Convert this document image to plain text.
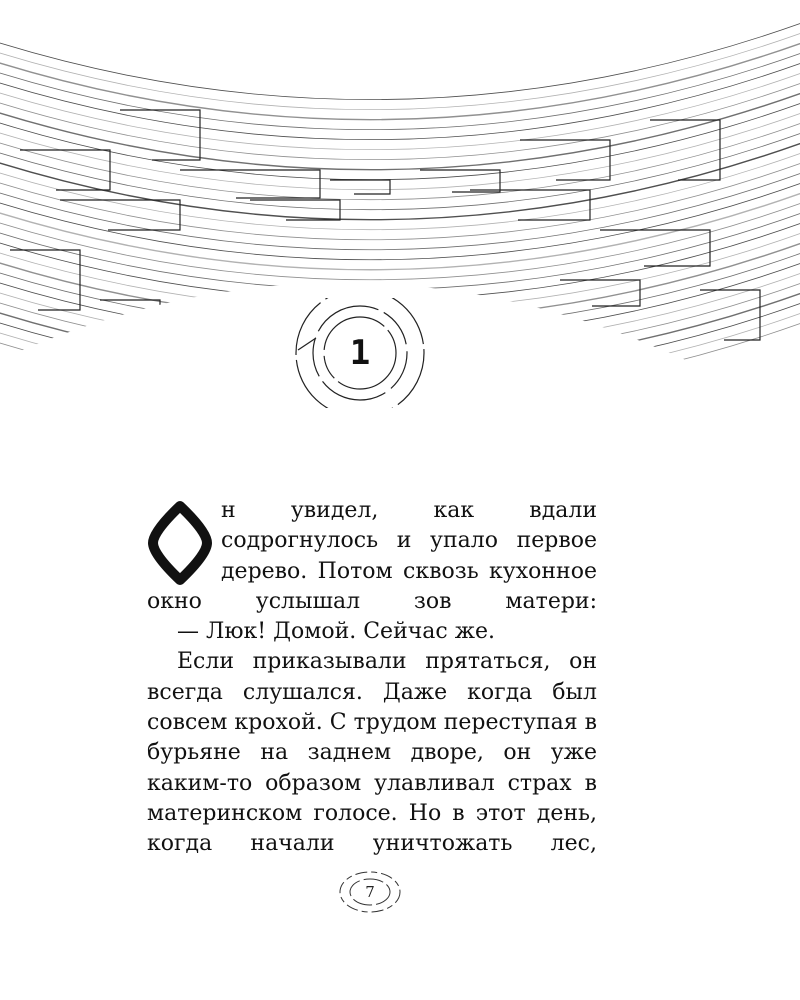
1

н увидел, как вдали содрогнулось и упало первое дерево. Потом сквозь кухонное окно услышал зов матери:

— Люк! Домой. Сейчас же.

Если приказывали прятаться, он всегда слушался. Даже когда был совсем крохой. С трудом переступая в бурьяне на заднем дворе, он уже каким-то образом улавливал страх в материнском голосе. Но в этот день, когда начали уничтожать лес,

7
